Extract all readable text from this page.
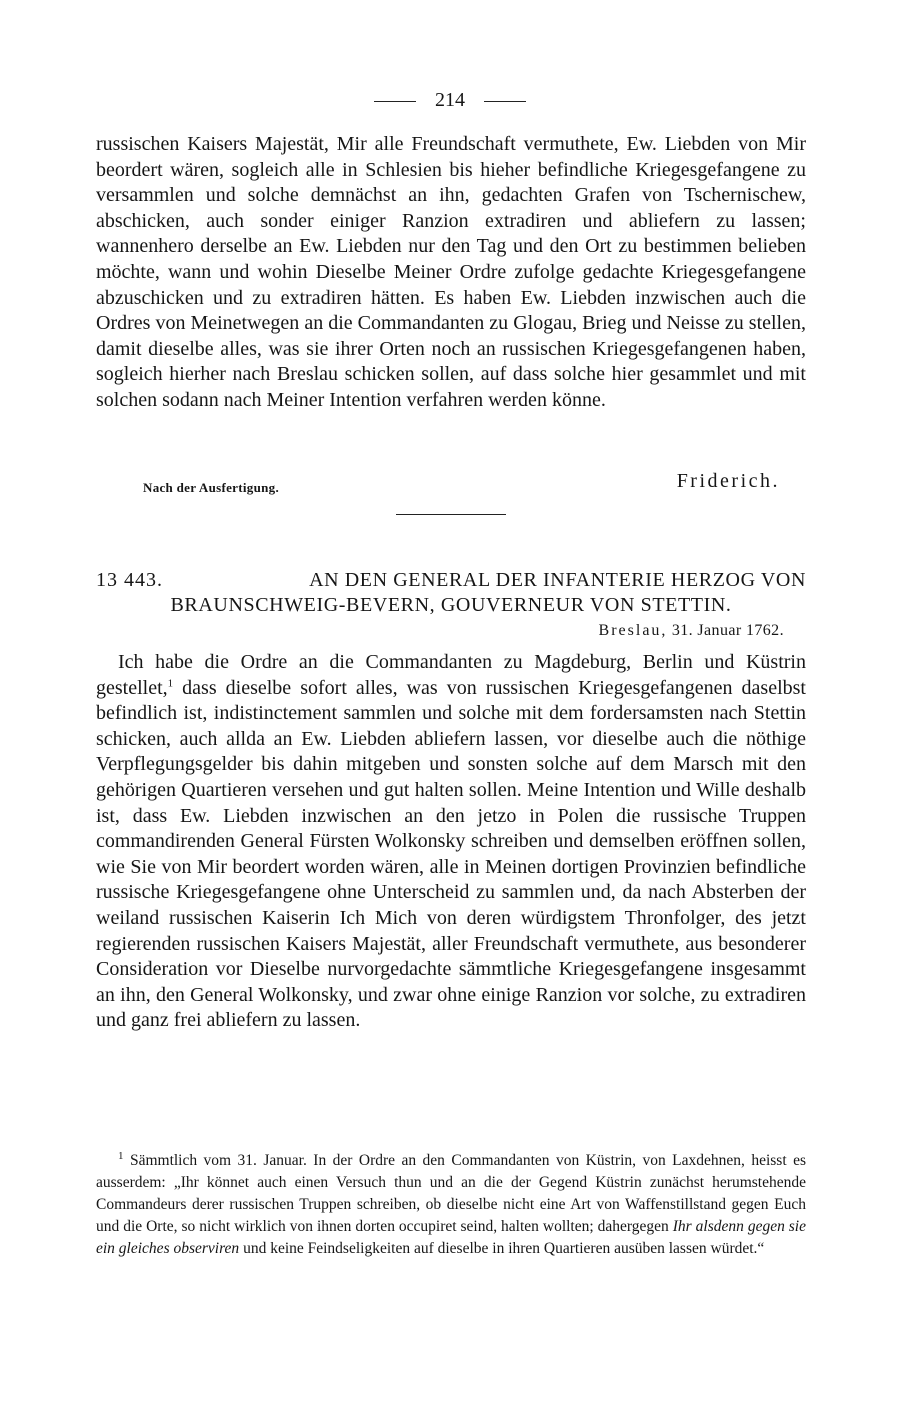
214

russischen Kaisers Majestät, Mir alle Freundschaft vermuthete, Ew. Liebden von Mir beordert wären, sogleich alle in Schlesien bis hieher befindliche Kriegesgefangene zu versammlen und solche demnächst an ihn, gedachten Grafen von Tschernischew, abschicken, auch sonder einiger Ranzion extradiren und abliefern zu lassen; wannenhero derselbe an Ew. Liebden nur den Tag und den Ort zu bestimmen belieben möchte, wann und wohin Dieselbe Meiner Ordre zufolge gedachte Kriegesgefangene abzuschicken und zu extradiren hätten. Es haben Ew. Liebden inzwischen auch die Ordres von Meinetwegen an die Commandanten zu Glogau, Brieg und Neisse zu stellen, damit dieselbe alles, was sie ihrer Orten noch an russischen Kriegesgefangenen haben, sogleich hierher nach Breslau schicken sollen, auf dass solche hier gesammlet und mit solchen sodann nach Meiner Intention verfahren werden könne.

Nach der Ausfertigung.	Friderich.
13 443.	AN DEN GENERAL DER INFANTERIE HERZOG VON
BRAUNSCHWEIG-BEVERN, GOUVERNEUR VON STETTIN.
Breslau, 31. Januar 1762.

Ich habe die Ordre an die Commandanten zu Magdeburg, Berlin und Küstrin gestellet,$^1$ dass dieselbe sofort alles, was von russischen Kriegesgefangenen daselbst befindlich ist, indistinctement sammlen und solche mit dem fordersamsten nach Stettin schicken, auch allda an Ew. Liebden abliefern lassen, vor dieselbe auch die nöthige Verpflegungsgelder bis dahin mitgeben und sonsten solche auf dem Marsch mit den gehörigen Quartieren versehen und gut halten sollen. Meine Intention und Wille deshalb ist, dass Ew. Liebden inzwischen an den jetzo in Polen die russische Truppen commandirenden General Fürsten Wolkonsky schreiben und demselben eröffnen sollen, wie Sie von Mir beordert worden wären, alle in Meinen dortigen Provinzien befindliche russische Kriegesgefangene ohne Unterscheid zu sammlen und, da nach Absterben der weiland russischen Kaiserin Ich Mich von deren würdigstem Thronfolger, des jetzt regierenden russischen Kaisers Majestät, aller Freundschaft vermuthete, aus besonderer Consideration vor Dieselbe nurvorgedachte sämmtliche Kriegesgefangene insgesammt an ihn, den General Wolkonsky, und zwar ohne einige Ranzion vor solche, zu extradiren und ganz frei abliefern zu lassen.

$^1$ Sämmtlich vom 31. Januar. In der Ordre an den Commandanten von Küstrin, von Laxdehnen, heisst es ausserdem: „Ihr könnet auch einen Versuch thun und an die der Gegend Küstrin zunächst herumstehende Commandeurs derer russischen Truppen schreiben, ob dieselbe nicht eine Art von Waffenstillstand gegen Euch und die Orte, so nicht wirklich von ihnen dorten occupiret seind, halten wollten; dahergegen Ihr alsdenn gegen sie ein gleiches observiren und keine Feindseligkeiten auf dieselbe in ihren Quartieren ausüben lassen würdet.“
